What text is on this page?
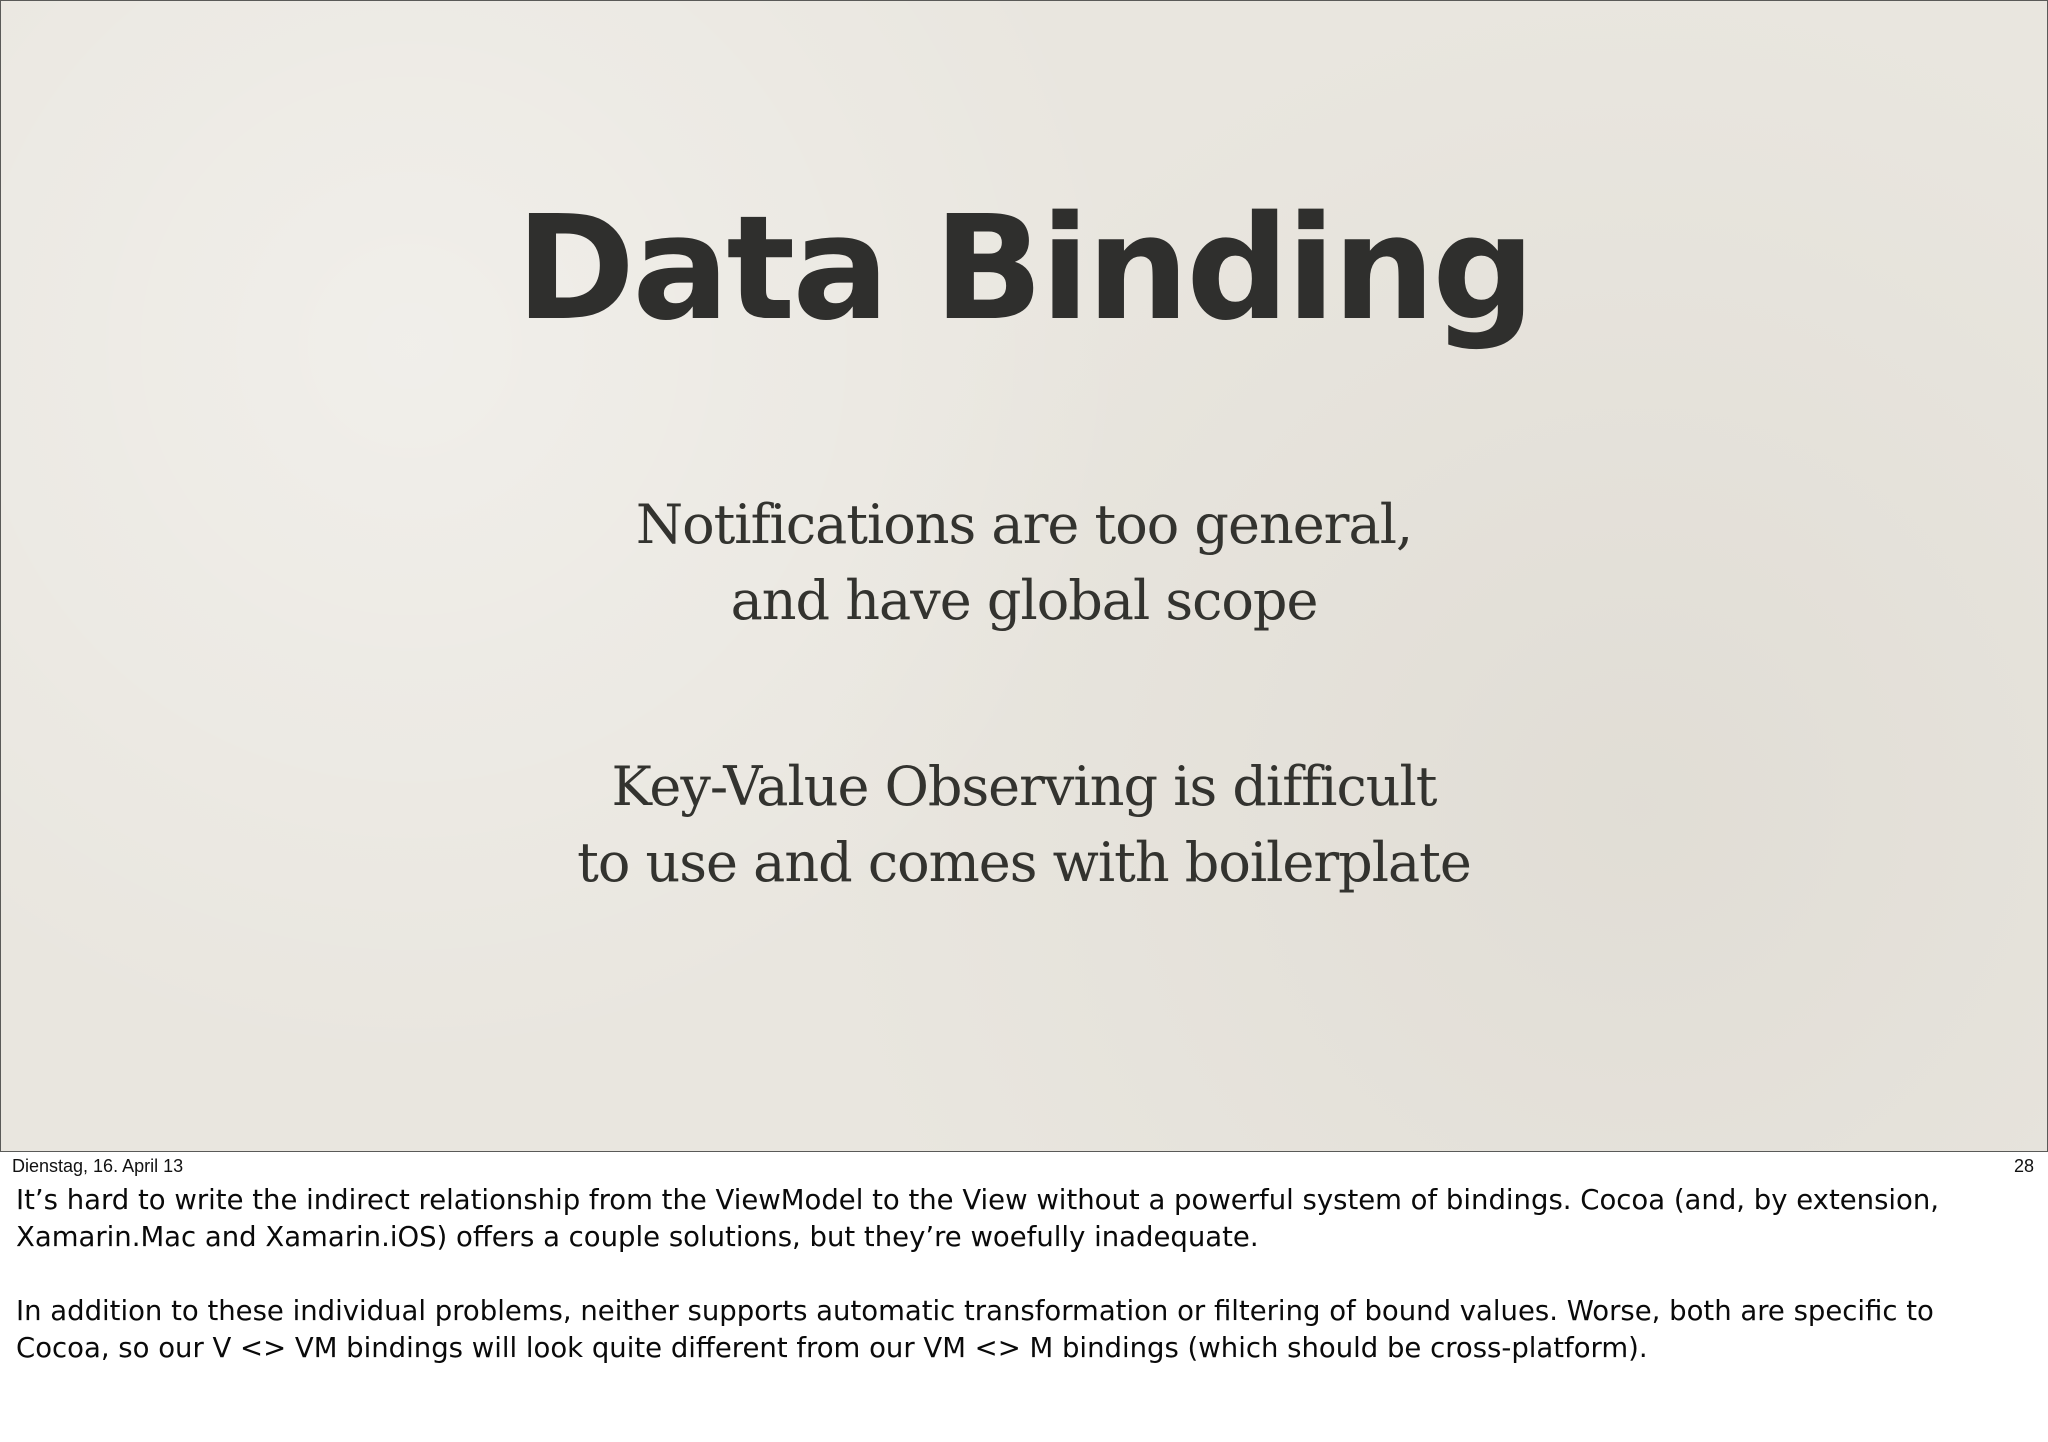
Data Binding
Notifications are too general,
and have global scope
Key-Value Observing is difficult
to use and comes with boilerplate
Dienstag, 16. April 13	28

It’s hard to write the indirect relationship from the ViewModel to the View without a powerful system of bindings. Cocoa (and, by extension, Xamarin.Mac and Xamarin.iOS) offers a couple solutions, but they’re woefully inadequate.

In addition to these individual problems, neither supports automatic transformation or filtering of bound values. Worse, both are specific to Cocoa, so our V <> VM bindings will look quite different from our VM <> M bindings (which should be cross-platform).
